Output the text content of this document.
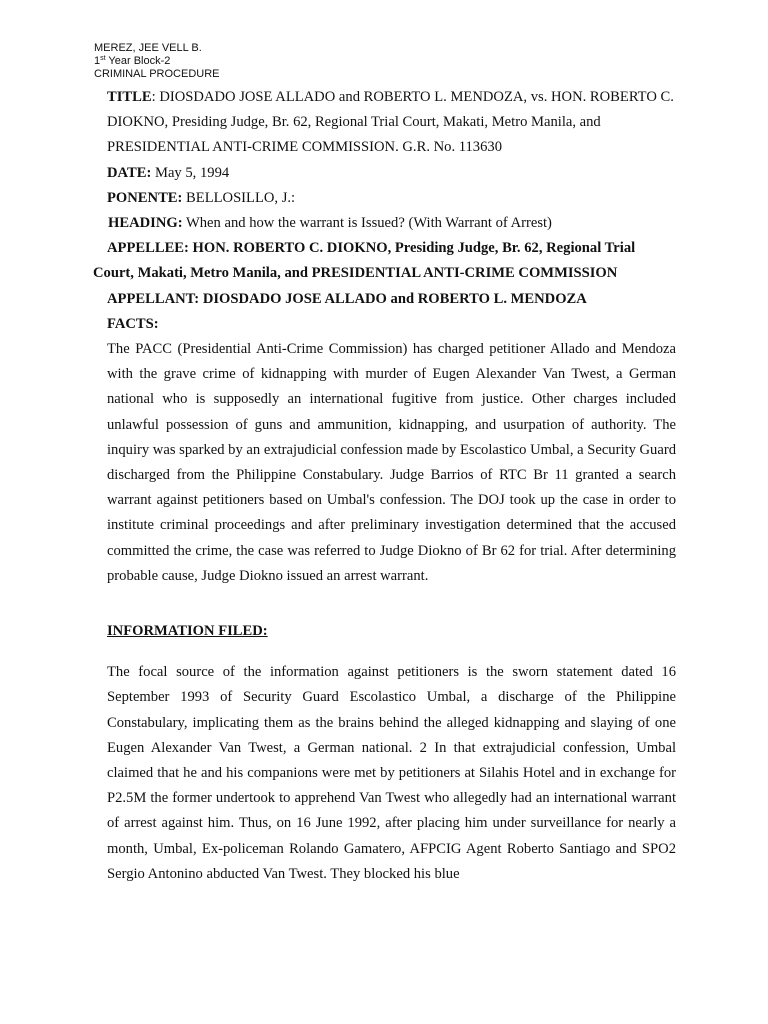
MEREZ, JEE VELL B.
1st Year Block-2
CRIMINAL PROCEDURE

TITLE: DIOSDADO JOSE ALLADO and ROBERTO L. MENDOZA, vs. HON. ROBERTO C. DIOKNO, Presiding Judge, Br. 62, Regional Trial Court, Makati, Metro Manila, and PRESIDENTIAL ANTI-CRIME COMMISSION. G.R. No. 113630

DATE: May 5, 1994

PONENTE: BELLOSILLO, J.:

HEADING: When and how the warrant is Issued? (With Warrant of Arrest)

APPELLEE: HON. ROBERTO C. DIOKNO, Presiding Judge, Br. 62, Regional Trial Court, Makati, Metro Manila, and PRESIDENTIAL ANTI-CRIME COMMISSION

APPELLANT: DIOSDADO JOSE ALLADO and ROBERTO L. MENDOZA

FACTS:

The PACC (Presidential Anti-Crime Commission) has charged petitioner Allado and Mendoza with the grave crime of kidnapping with murder of Eugen Alexander Van Twest, a German national who is supposedly an international fugitive from justice. Other charges included unlawful possession of guns and ammunition, kidnapping, and usurpation of authority. The inquiry was sparked by an extrajudicial confession made by Escolastico Umbal, a Security Guard discharged from the Philippine Constabulary. Judge Barrios of RTC Br 11 granted a search warrant against petitioners based on Umbal's confession. The DOJ took up the case in order to institute criminal proceedings and after preliminary investigation determined that the accused committed the crime, the case was referred to Judge Diokno of Br 62 for trial. After determining probable cause, Judge Diokno issued an arrest warrant.

INFORMATION FILED:

The focal source of the information against petitioners is the sworn statement dated 16 September 1993 of Security Guard Escolastico Umbal, a discharge of the Philippine Constabulary, implicating them as the brains behind the alleged kidnapping and slaying of one Eugen Alexander Van Twest, a German national. 2 In that extrajudicial confession, Umbal claimed that he and his companions were met by petitioners at Silahis Hotel and in exchange for P2.5M the former undertook to apprehend Van Twest who allegedly had an international warrant of arrest against him. Thus, on 16 June 1992, after placing him under surveillance for nearly a month, Umbal, Ex-policeman Rolando Gamatero, AFPCIG Agent Roberto Santiago and SPO2 Sergio Antonino abducted Van Twest. They blocked his blue
